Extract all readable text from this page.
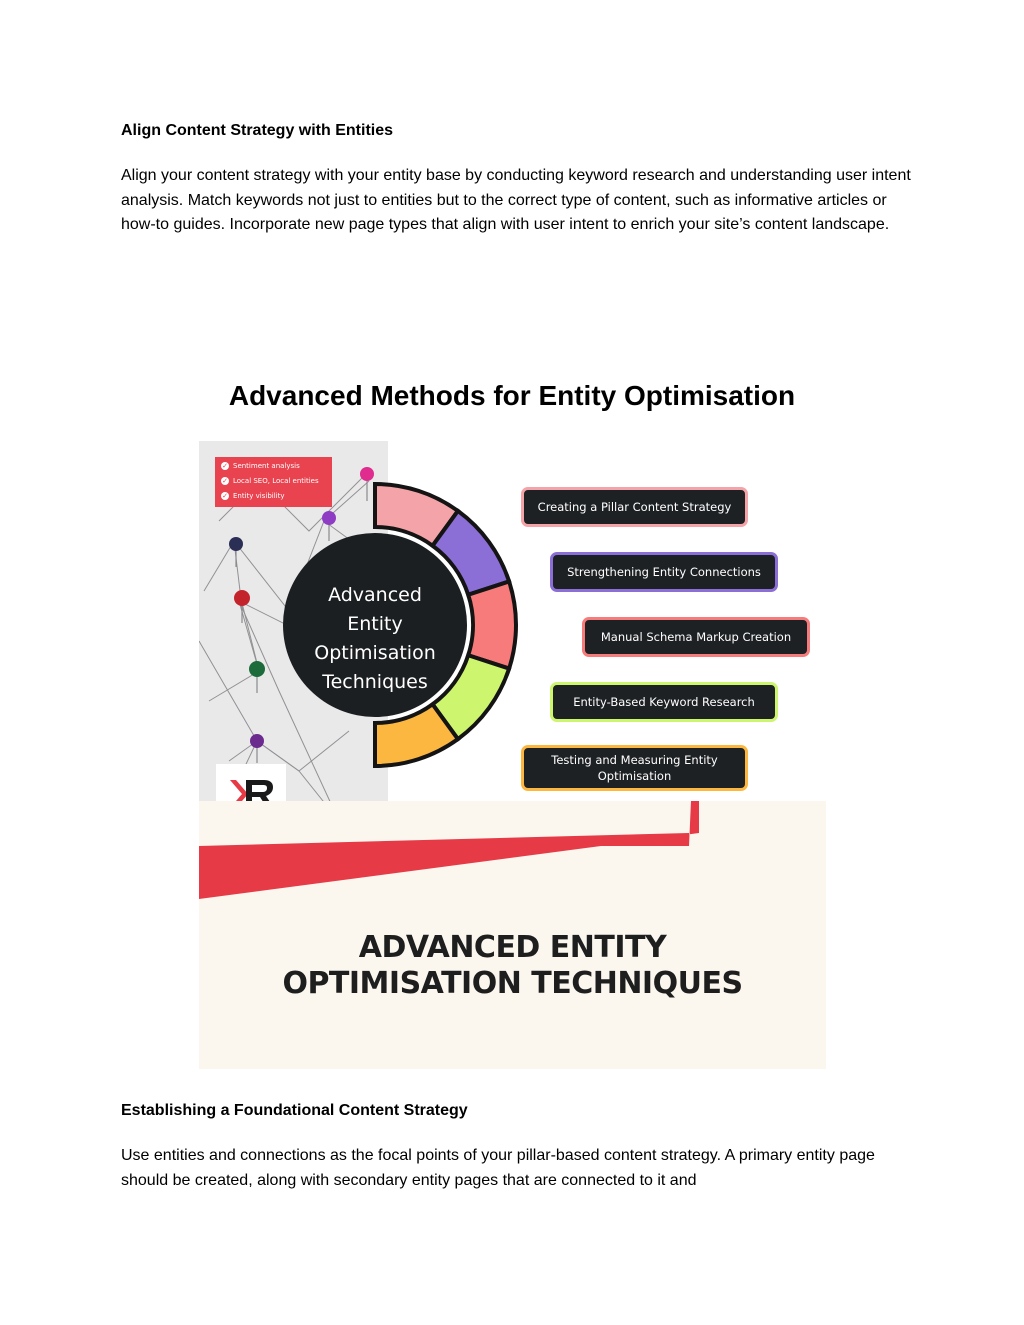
Align Content Strategy with Entities

Align your content strategy with your entity base by conducting keyword research and understanding user intent analysis. Match keywords not just to entities but to the correct type of content, such as informative articles or how-to guides. Incorporate new page types that align with user intent to enrich your site’s content landscape.

Advanced Methods for Entity Optimisation
✓ Sentiment analysis
✓ Local SEO, Local entities
✓ Entity visibility
Advanced
Entity
Optimisation
Techniques
Creating a Pillar Content Strategy
Strengthening Entity Connections
Manual Schema Markup Creation
Entity-Based Keyword Research
Testing and Measuring Entity Optimisation
ADVANCED ENTITY
OPTIMISATION TECHNIQUES
Establishing a Foundational Content Strategy

Use entities and connections as the focal points of your pillar-based content strategy. A primary entity page should be created, along with secondary entity pages that are connected to it and
